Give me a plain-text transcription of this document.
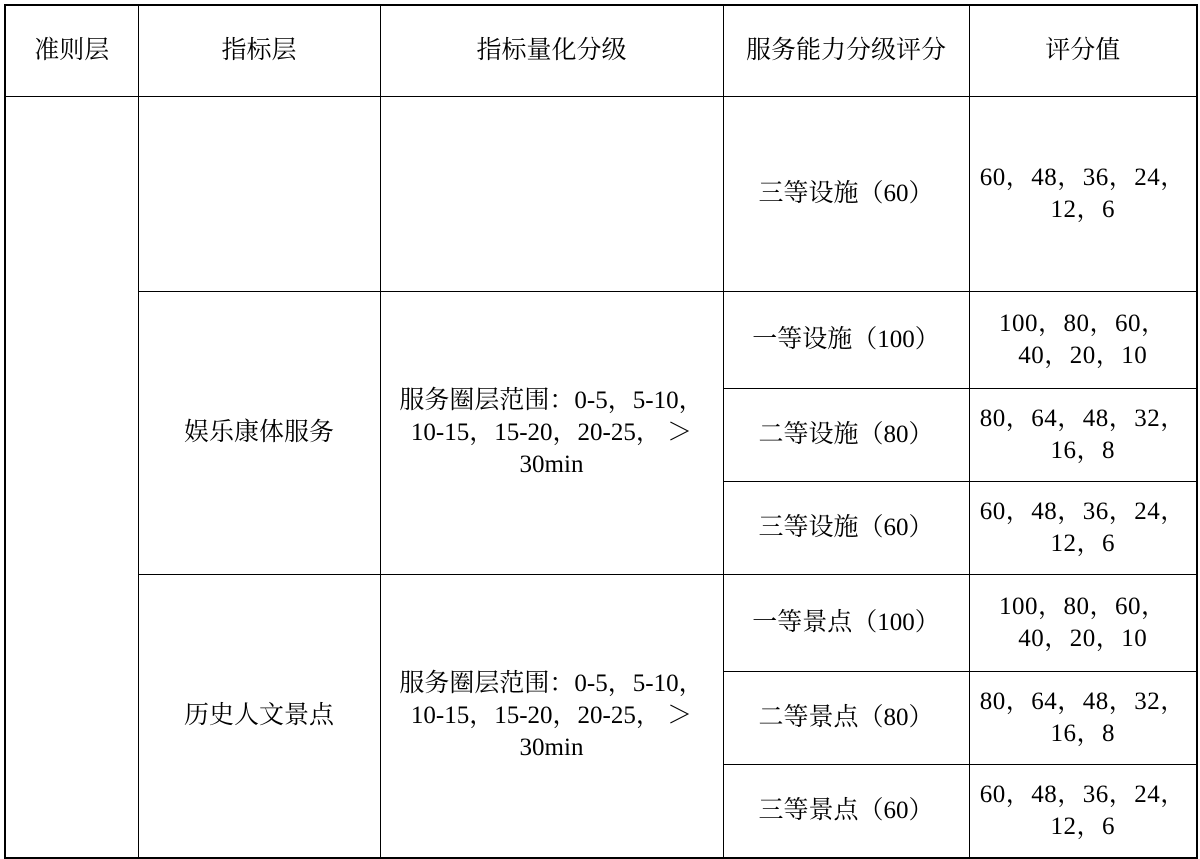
准则层	指标层	指标量化分级	服务能力分级评分	评分值
			三等设施（60）	60，48，36，24，12，6
	娱乐康体服务	服务圈层范围：0-5，5-10，10-15，15-20，20-25， ＞30min	一等设施（100）	100，80，60，40，20，10
			二等设施（80）	80，64，48，32，16，8
			三等设施（60）	60，48，36，24，12，6
	历史人文景点	服务圈层范围：0-5，5-10，10-15，15-20，20-25， ＞30min	一等景点（100）	100，80，60，40，20，10
			二等景点（80）	80，64，48，32，16，8
			三等景点（60）	60，48，36，24，12，6
